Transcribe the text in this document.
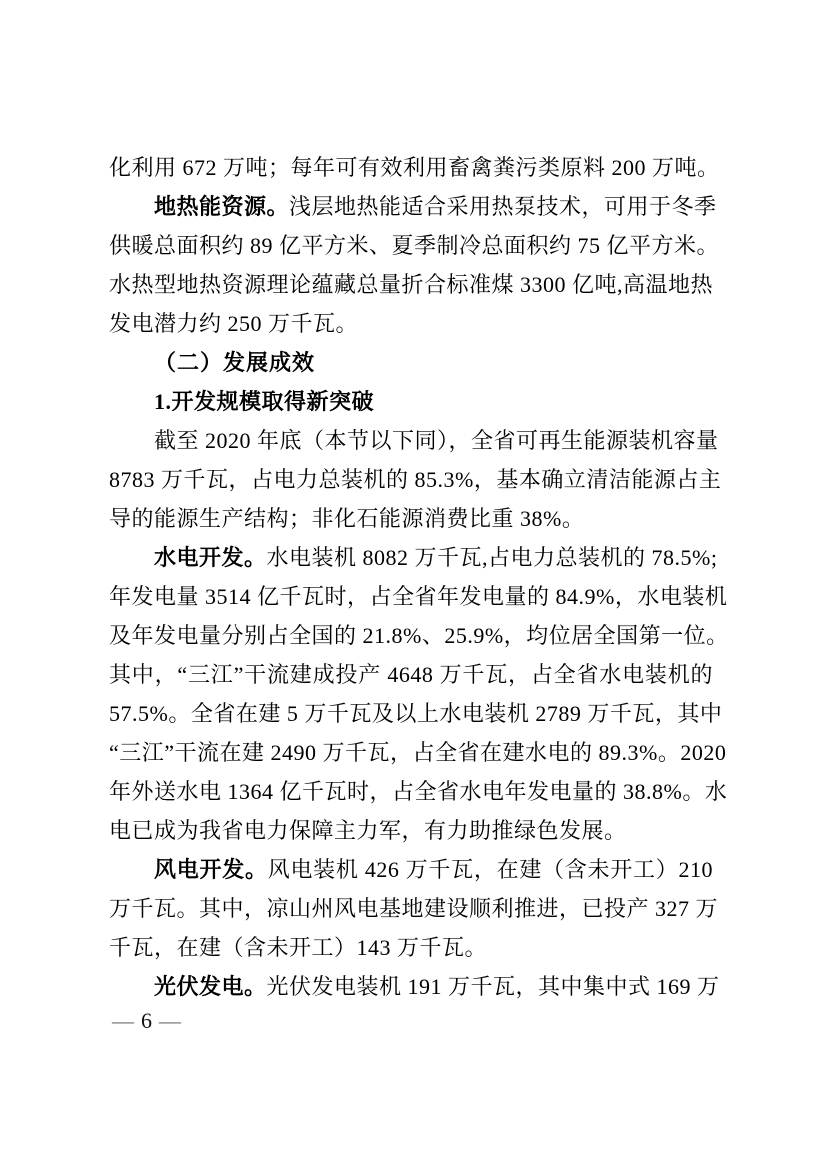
化利用 672 万吨；每年可有效利用畜禽粪污类原料 200 万吨。
地热能资源。浅层地热能适合采用热泵技术，可用于冬季
供暖总面积约 89 亿平方米、夏季制冷总面积约 75 亿平方米。
水热型地热资源理论蕴藏总量折合标准煤 3300 亿吨,高温地热
发电潜力约 250 万千瓦。
（二）发展成效
1.开发规模取得新突破
截至 2020 年底（本节以下同），全省可再生能源装机容量
8783 万千瓦，占电力总装机的 85.3%，基本确立清洁能源占主
导的能源生产结构；非化石能源消费比重 38%。
水电开发。水电装机 8082 万千瓦,占电力总装机的 78.5%;
年发电量 3514 亿千瓦时，占全省年发电量的 84.9%，水电装机
及年发电量分别占全国的 21.8%、25.9%，均位居全国第一位。
其中，“三江”干流建成投产 4648 万千瓦，占全省水电装机的
57.5%。全省在建 5 万千瓦及以上水电装机 2789 万千瓦，其中
“三江”干流在建 2490 万千瓦，占全省在建水电的 89.3%。2020
年外送水电 1364 亿千瓦时，占全省水电年发电量的 38.8%。水
电已成为我省电力保障主力军，有力助推绿色发展。
风电开发。风电装机 426 万千瓦，在建（含未开工）210
万千瓦。其中，凉山州风电基地建设顺利推进，已投产 327 万
千瓦，在建（含未开工）143 万千瓦。
光伏发电。光伏发电装机 191 万千瓦，其中集中式 169 万
— 6 —
